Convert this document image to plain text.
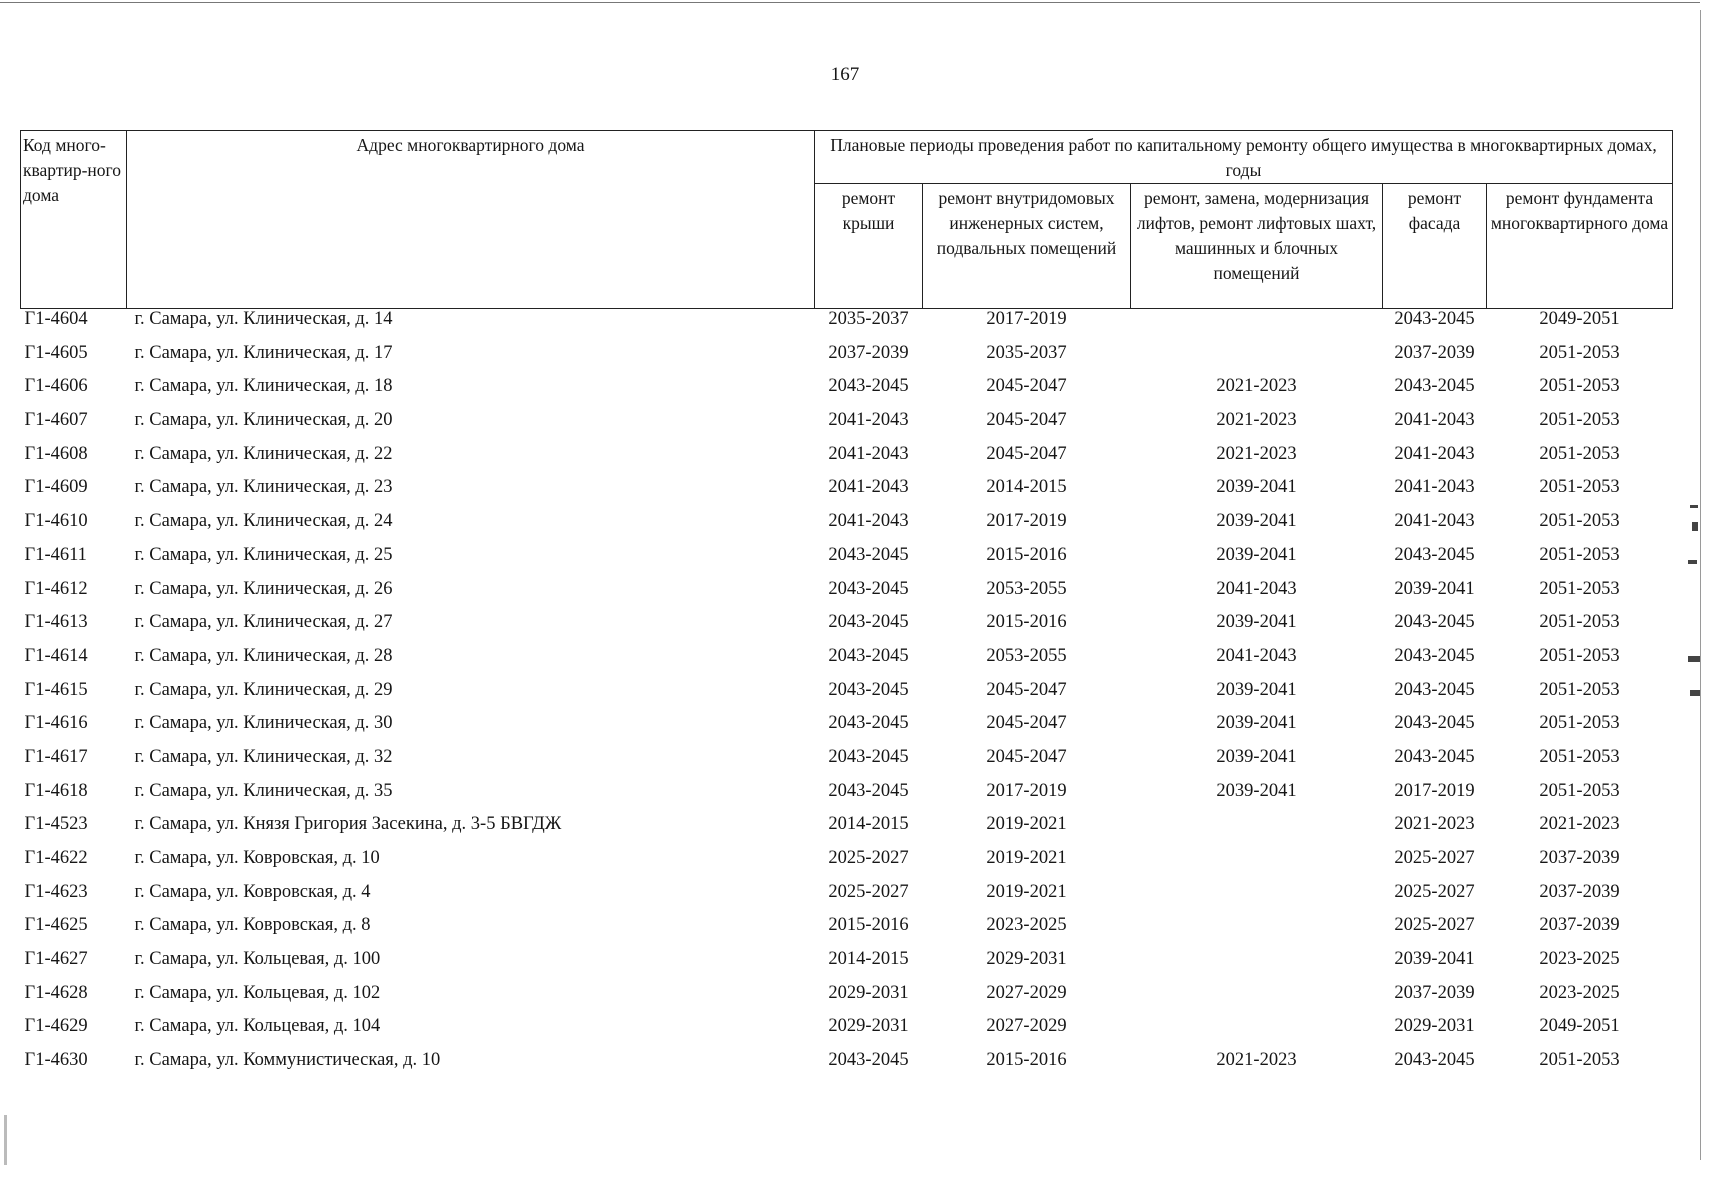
167
Код много-квартир-ного дома	Адрес многоквартирного дома	Плановые периоды проведения работ по капитальному ремонту общего имущества в многоквартирных домах, годы				
		ремонт крыши	ремонт внутридомовых инженерных систем, подвальных помещений	ремонт, замена, модернизация лифтов, ремонт лифтовых шахт, машинных и блочных помещений	ремонт фасада	ремонт фундамента многоквартирного дома
Г1-4604	г. Самара, ул. Клиническая, д. 14	2035-2037	2017-2019		2043-2045	2049-2051
Г1-4605	г. Самара, ул. Клиническая, д. 17	2037-2039	2035-2037		2037-2039	2051-2053
Г1-4606	г. Самара, ул. Клиническая, д. 18	2043-2045	2045-2047	2021-2023	2043-2045	2051-2053
Г1-4607	г. Самара, ул. Клиническая, д. 20	2041-2043	2045-2047	2021-2023	2041-2043	2051-2053
Г1-4608	г. Самара, ул. Клиническая, д. 22	2041-2043	2045-2047	2021-2023	2041-2043	2051-2053
Г1-4609	г. Самара, ул. Клиническая, д. 23	2041-2043	2014-2015	2039-2041	2041-2043	2051-2053
Г1-4610	г. Самара, ул. Клиническая, д. 24	2041-2043	2017-2019	2039-2041	2041-2043	2051-2053
Г1-4611	г. Самара, ул. Клиническая, д. 25	2043-2045	2015-2016	2039-2041	2043-2045	2051-2053
Г1-4612	г. Самара, ул. Клиническая, д. 26	2043-2045	2053-2055	2041-2043	2039-2041	2051-2053
Г1-4613	г. Самара, ул. Клиническая, д. 27	2043-2045	2015-2016	2039-2041	2043-2045	2051-2053
Г1-4614	г. Самара, ул. Клиническая, д. 28	2043-2045	2053-2055	2041-2043	2043-2045	2051-2053
Г1-4615	г. Самара, ул. Клиническая, д. 29	2043-2045	2045-2047	2039-2041	2043-2045	2051-2053
Г1-4616	г. Самара, ул. Клиническая, д. 30	2043-2045	2045-2047	2039-2041	2043-2045	2051-2053
Г1-4617	г. Самара, ул. Клиническая, д. 32	2043-2045	2045-2047	2039-2041	2043-2045	2051-2053
Г1-4618	г. Самара, ул. Клиническая, д. 35	2043-2045	2017-2019	2039-2041	2017-2019	2051-2053
Г1-4523	г. Самара, ул. Князя Григория Засекина, д. 3-5 БВГДЖ	2014-2015	2019-2021		2021-2023	2021-2023
Г1-4622	г. Самара, ул. Ковровская, д. 10	2025-2027	2019-2021		2025-2027	2037-2039
Г1-4623	г. Самара, ул. Ковровская, д. 4	2025-2027	2019-2021		2025-2027	2037-2039
Г1-4625	г. Самара, ул. Ковровская, д. 8	2015-2016	2023-2025		2025-2027	2037-2039
Г1-4627	г. Самара, ул. Кольцевая, д. 100	2014-2015	2029-2031		2039-2041	2023-2025
Г1-4628	г. Самара, ул. Кольцевая, д. 102	2029-2031	2027-2029		2037-2039	2023-2025
Г1-4629	г. Самара, ул. Кольцевая, д. 104	2029-2031	2027-2029		2029-2031	2049-2051
Г1-4630	г. Самара, ул. Коммунистическая, д. 10	2043-2045	2015-2016	2021-2023	2043-2045	2051-2053
